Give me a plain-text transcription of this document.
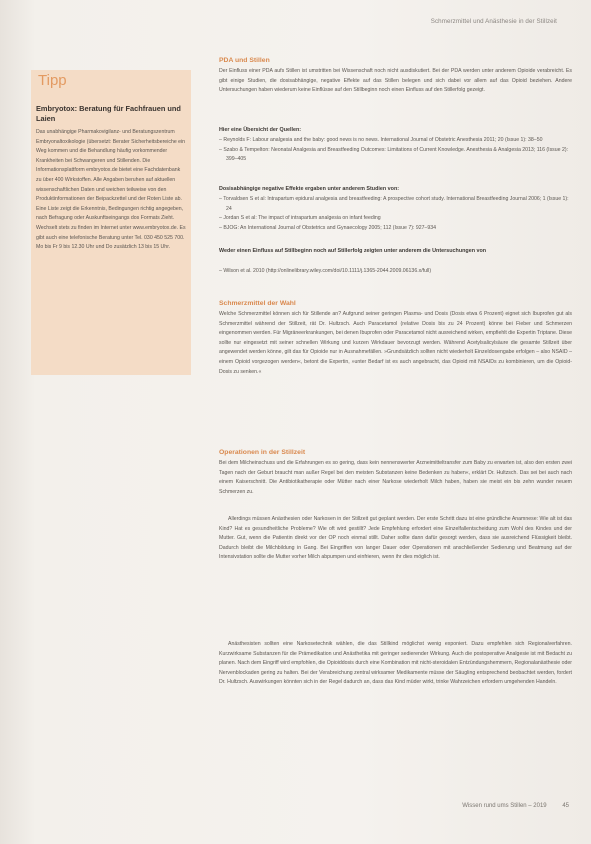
Schmerzmittel und Anästhesie in der Stillzeit
Tipp
Embryotox: Beratung für Fachfrauen und Laien
Das unabhängige Pharmakovigilanz- und Beratungszentrum Embryonaltoxikologie (übersetzt: Berater Sicherheitsbereiche ein Weg kommen und die Behandlung häufig vorkommender Krankheiten bei Schwangeren und Stillenden. Die Informationsplattform embryotox.de bietet eine Fachdatenbank zu über 400 Wirkstoffen. Alle Angaben beruhen auf aktuellen wissenschaftlichen Daten und weichen teilweise von den Produktinformationen der Beipackzettel und der Roten Liste ab. Eine Liste zeigt die Erkenntnis, Bedingungen richtig angegeben, nach Befragung oder Auskunftseingangs dos Formats Zieht. Wechselt stets zu finden im Internet unter www.embryotox.de. Es gibt auch eine telefonische Beratung unter Tel. 030 450 525 700. Mo bis Fr 9 bis 12.30 Uhr und Do zusätzlich 13 bis 15 Uhr.
PDA und Stillen
Der Einfluss einer PDA aufs Stillen ist umstritten bei Wissenschaft noch nicht ausdiskutiert. Bei der PDA werden unter anderem Opioide verabreicht. Es gibt einige Studien, die dosisabhängige, negative Effekte auf das Stillen belegen und sich dabei vor allem auf das Opioid beziehen. Andere Untersuchungen haben wiederum keine Einflüsse auf den Stillbeginn noch einen Einfluss auf den Stillerfolg gezeigt.
Hier eine Übersicht der Quellen:
– Reynolds F: Labour analgesia and the baby: good news is no news. International Journal of Obstetric Anesthesia 2011; 20 (Issue 1): 38–50
– Szabo & Tempelton: Neonatal Analgesia and Breastfeeding Outcomes: Limitations of Current Knowledge. Anesthesia & Analgesia 2013; 116 (Issue 2): 399–405
Dosisabhängige negative Effekte ergaben unter anderem Studien von:
– Torvaldsen S et al: Intrapartum epidural analgesia and breastfeeding: A prospective cohort study. International Breastfeeding Journal 2006; 1 (Issue 1): 24
– Jordan S et al: The impact of intrapartum analgesia on infant feeding
– BJOG: An International Journal of Obstetrics and Gynaecology 2005; 112 (Issue 7): 927–934
Weder einen Einfluss auf Stillbeginn noch auf Stillerfolg zeigten unter anderem die Untersuchungen von
– Wilson et al. 2010 (http://onlinelibrary.wiley.com/doi/10.1111/j.1365-2044.2009.06136.x/full)
Schmerzmittel der Wahl
Welche Schmerzmittel können sich für Stillende an? Aufgrund seiner geringen Plasma- und Dosis (Dosis etwa 6 Prozent) eignet sich Ibuprofen gut als Schmerzmittel während der Stillzeit, rät Dr. Hultzsch. Auch Paracetamol (relative Dosis bis zu 24 Prozent) könne bei Fieber und Schmerzen eingenommen werden. Für Migräneerkrankungen, bei denen Ibuprofen oder Paracetamol nicht ausreichend wirken, empfiehlt die Expertin Triptane. Diese sollte nur eingesetzt mit seiner schnellen Wirkung und kurzen Wirkdauer bevorzugt werden. Während Acetylsalicylsäure die gesamte Stillzeit über angewendet werden könne, gilt das für Opioide nur in Ausnahmefällen. »Grundsätzlich sollten nicht wiederholt Einzeldosengabe erfolgen – also NSAID – einem Opioid vorgezogen werden«, betont die Expertin, »unter Bedarf ist es auch angebracht, das Opioid mit NSAIDs zu kombinieren, um die Opioid-Dosis zu senken.«
Operationen in der Stillzeit
Bei dem Milcheinschuss und die Erfahrungen es so gering, dass kein nennenswerter Arzneimitteltransfer zum Baby zu erwarten ist, also den ersten zwei Tagen nach der Geburt braucht man außer Regel bei den meisten Substanzen keine Bedenken zu haben«, erklärt Dr. Hultzsch. Das sei bei auch nach einem Kaiserschnitt. Die Antibiotikatherapie oder Mütter nach einer Narkose wiederholt Milch haben, haben sie meist ein bis zehn wunder neuem Schmerzen zu.
Allerdings müssen Anästhesien oder Narkosen in der Stillzeit gut geplant werden. Der erste Schritt dazu ist eine gründliche Anamnese: Wie alt ist das Kind? Hat es gesundheitliche Probleme? Wie oft wird gestillt? Jede Empfehlung erfordert eine Einzelfallentscheidung zum Wohl des Kindes und der Mutter. Gut, wenn die Patientin direkt vor der OP noch einmal stillt. Daher sollte dann dafür gesorgt werden, dass sie ausreichend Flüssigkeit bleibt. Dadurch bleibt die Milchbildung in Gang. Bei Eingriffen von langer Dauer oder Operationen mit anschließender Sedierung und Beatmung auf der Intensivstation sollte die Mutter vorher Milch abpumpen und einfrieren, wenn ihr dies möglich ist.
Anästhesisten sollten eine Narkosetechnik wählen, die das Stillkind möglichst wenig exponiert. Dazu empfehlen sich Regionalverfahren. Kurzwirksame Substanzen für die Prämedikation und Anästhetika mit geringer sedierender Wirkung. Auch die postoperative Analgesie ist mit Bedacht zu planen. Nach dem Eingriff wird empfohlen, die Opioiddosis durch eine Kombination mit nicht-steroidalen Entzündungshemmern, Regionalanästhesie oder Nervenblockaden gering zu halten. Bei der Verabreichung zentral wirksamer Medikamente müsse der Säugling entsprechend beobachtet werden, fordert Dr. Hultzsch. Auswirkungen könnten sich in der Regel dadurch an, dass das Kind müder wirkt, trinke Wahrzeichen erfordern umgehenden Handeln.
Wissen rund ums Stillen – 2019	45
